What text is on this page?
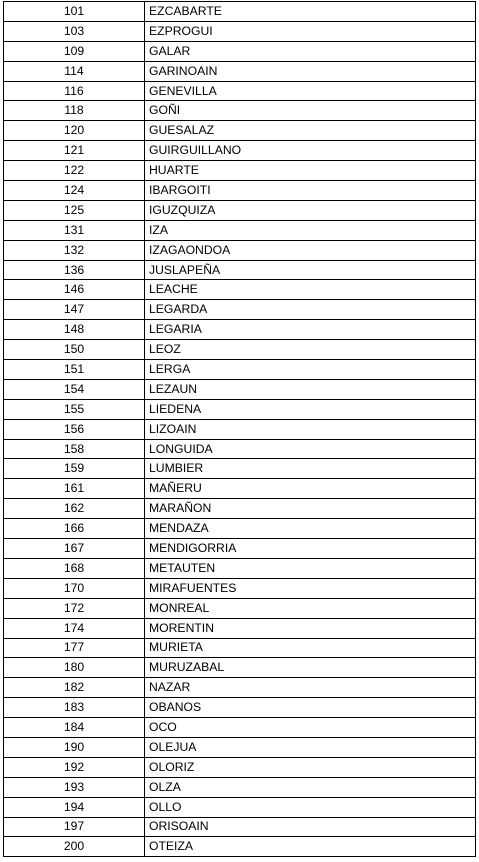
101	EZCABARTE
103	EZPROGUI
109	GALAR
114	GARINOAIN
116	GENEVILLA
118	GOÑI
120	GUESALAZ
121	GUIRGUILLANO
122	HUARTE
124	IBARGOITI
125	IGUZQUIZA
131	IZA
132	IZAGAONDOA
136	JUSLAPEÑA
146	LEACHE
147	LEGARDA
148	LEGARIA
150	LEOZ
151	LERGA
154	LEZAUN
155	LIEDENA
156	LIZOAIN
158	LONGUIDA
159	LUMBIER
161	MAÑERU
162	MARAÑON
166	MENDAZA
167	MENDIGORRIA
168	METAUTEN
170	MIRAFUENTES
172	MONREAL
174	MORENTIN
177	MURIETA
180	MURUZABAL
182	NAZAR
183	OBANOS
184	OCO
190	OLEJUA
192	OLORIZ
193	OLZA
194	OLLO
197	ORISOAIN
200	OTEIZA
